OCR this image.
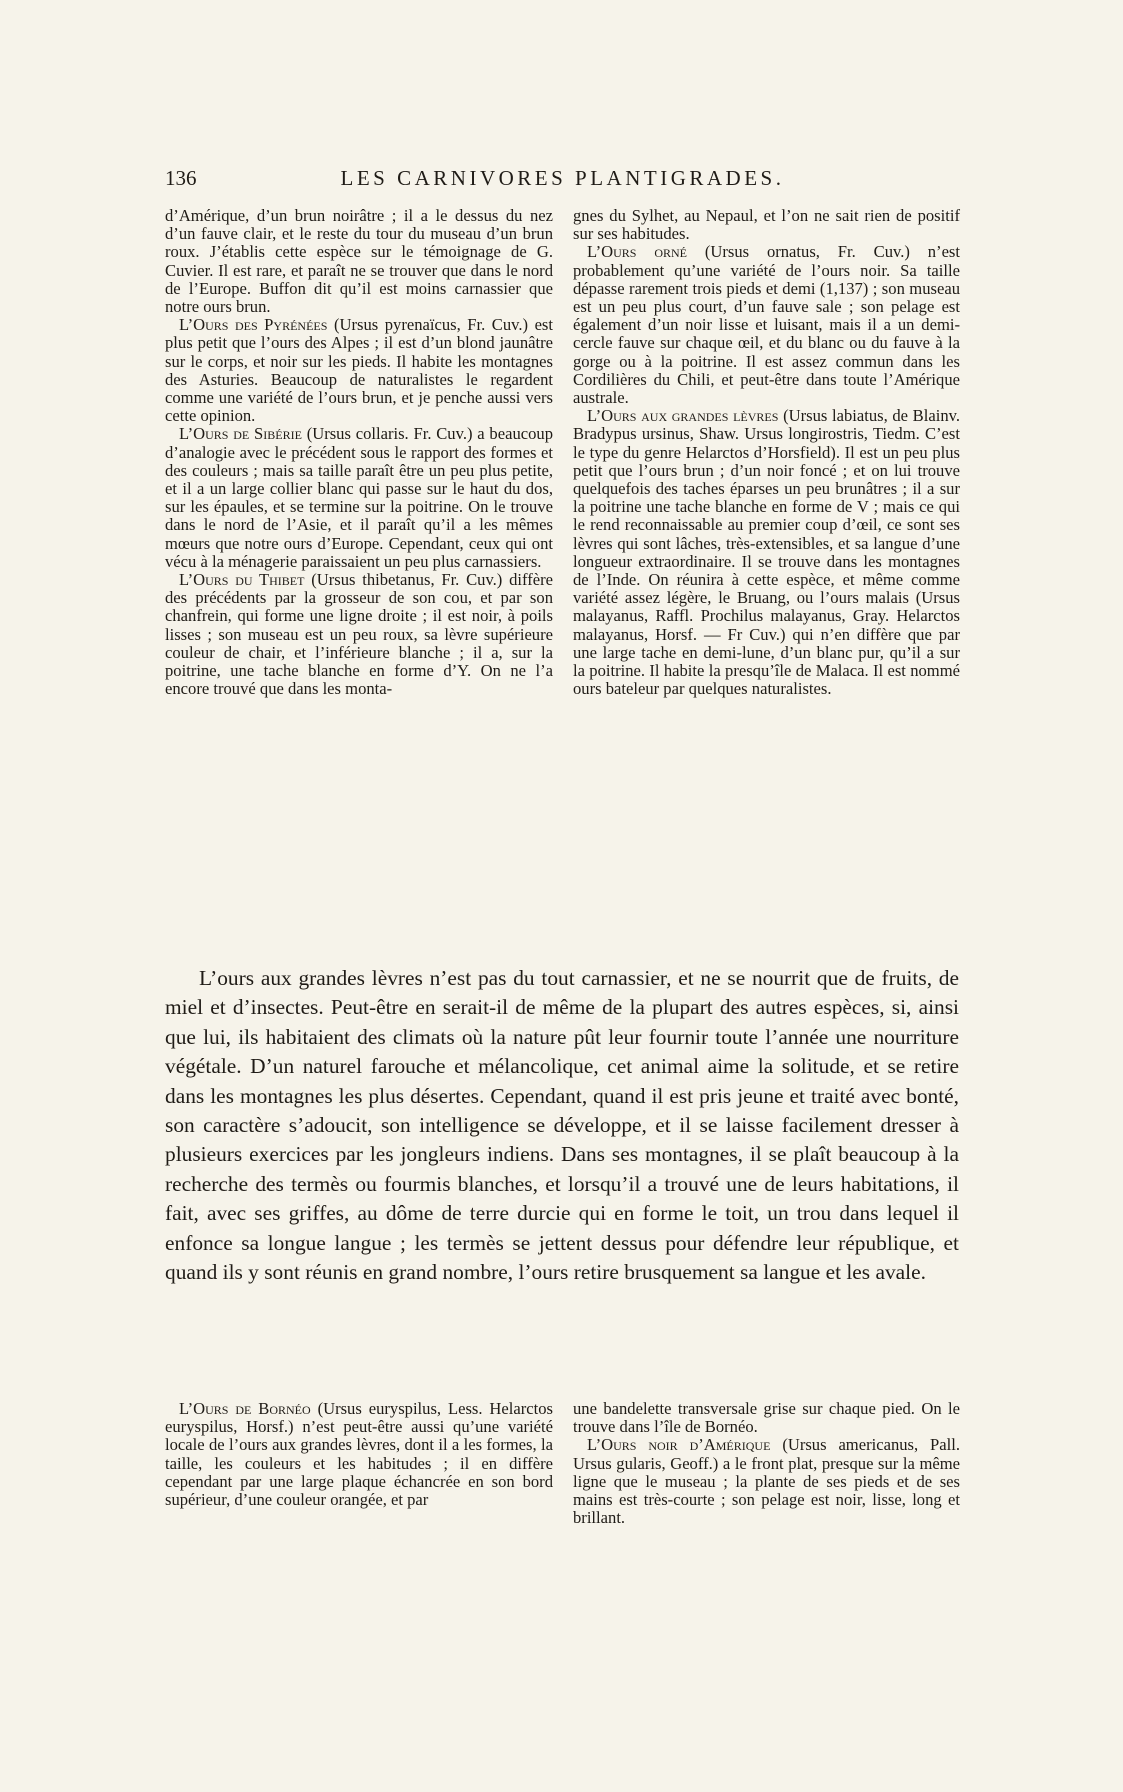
136	LES CARNIVORES PLANTIGRADES.

d’Amérique, d’un brun noirâtre ; il a le dessus du nez d’un fauve clair, et le reste du tour du museau d’un brun roux. J’établis cette espèce sur le témoignage de G. Cuvier. Il est rare, et paraît ne se trouver que dans le nord de l’Europe. Buffon dit qu’il est moins carnassier que notre ours brun.

L’Ours des Pyrénées (Ursus pyrenaïcus, Fr. Cuv.) est plus petit que l’ours des Alpes ; il est d’un blond jaunâtre sur le corps, et noir sur les pieds. Il habite les montagnes des Asturies. Beaucoup de naturalistes le regardent comme une variété de l’ours brun, et je penche aussi vers cette opinion.

L’Ours de Sibérie (Ursus collaris. Fr. Cuv.) a beaucoup d’analogie avec le précédent sous le rapport des formes et des couleurs ; mais sa taille paraît être un peu plus petite, et il a un large collier blanc qui passe sur le haut du dos, sur les épaules, et se termine sur la poitrine. On le trouve dans le nord de l’Asie, et il paraît qu’il a les mêmes mœurs que notre ours d’Europe. Cependant, ceux qui ont vécu à la ménagerie paraissaient un peu plus carnassiers.

L’Ours du Thibet (Ursus thibetanus, Fr. Cuv.) diffère des précédents par la grosseur de son cou, et par son chanfrein, qui forme une ligne droite ; il est noir, à poils lisses ; son museau est un peu roux, sa lèvre supérieure couleur de chair, et l’inférieure blanche ; il a, sur la poitrine, une tache blanche en forme d’Y. On ne l’a encore trouvé que dans les monta-

gnes du Sylhet, au Nepaul, et l’on ne sait rien de positif sur ses habitudes.

L’Ours orné (Ursus ornatus, Fr. Cuv.) n’est probablement qu’une variété de l’ours noir. Sa taille dépasse rarement trois pieds et demi (1,137) ; son museau est un peu plus court, d’un fauve sale ; son pelage est également d’un noir lisse et luisant, mais il a un demi-cercle fauve sur chaque œil, et du blanc ou du fauve à la gorge ou à la poitrine. Il est assez commun dans les Cordilières du Chili, et peut-être dans toute l’Amérique australe.

L’Ours aux grandes lèvres (Ursus labiatus, de Blainv. Bradypus ursinus, Shaw. Ursus longirostris, Tiedm. C’est le type du genre Helarctos d’Horsfield). Il est un peu plus petit que l’ours brun ; d’un noir foncé ; et on lui trouve quelquefois des taches éparses un peu brunâtres ; il a sur la poitrine une tache blanche en forme de V ; mais ce qui le rend reconnaissable au premier coup d’œil, ce sont ses lèvres qui sont lâches, très-extensibles, et sa langue d’une longueur extraordinaire. Il se trouve dans les montagnes de l’Inde. On réunira à cette espèce, et même comme variété assez légère, le Bruang, ou l’ours malais (Ursus malayanus, Raffl. Prochilus malayanus, Gray. Helarctos malayanus, Horsf. — Fr Cuv.) qui n’en diffère que par une large tache en demi-lune, d’un blanc pur, qu’il a sur la poitrine. Il habite la presqu’île de Malaca. Il est nommé ours bateleur par quelques naturalistes.

L’ours aux grandes lèvres n’est pas du tout carnassier, et ne se nourrit que de fruits, de miel et d’insectes. Peut-être en serait-il de même de la plupart des autres espèces, si, ainsi que lui, ils habitaient des climats où la nature pût leur fournir toute l’année une nourriture végétale. D’un naturel farouche et mélancolique, cet animal aime la solitude, et se retire dans les montagnes les plus désertes. Cependant, quand il est pris jeune et traité avec bonté, son caractère s’adoucit, son intelligence se développe, et il se laisse facilement dresser à plusieurs exercices par les jongleurs indiens. Dans ses montagnes, il se plaît beaucoup à la recherche des termès ou fourmis blanches, et lorsqu’il a trouvé une de leurs habitations, il fait, avec ses griffes, au dôme de terre durcie qui en forme le toit, un trou dans lequel il enfonce sa longue langue ; les termès se jettent dessus pour défendre leur république, et quand ils y sont réunis en grand nombre, l’ours retire brusquement sa langue et les avale.

L’Ours de Bornéo (Ursus euryspilus, Less. Helarctos euryspilus, Horsf.) n’est peut-être aussi qu’une variété locale de l’ours aux grandes lèvres, dont il a les formes, la taille, les couleurs et les habitudes ; il en diffère cependant par une large plaque échancrée en son bord supérieur, d’une couleur orangée, et par

une bandelette transversale grise sur chaque pied. On le trouve dans l’île de Bornéo.

L’Ours noir d’Amérique (Ursus americanus, Pall. Ursus gularis, Geoff.) a le front plat, presque sur la même ligne que le museau ; la plante de ses pieds et de ses mains est très-courte ; son pelage est noir, lisse, long et brillant.
